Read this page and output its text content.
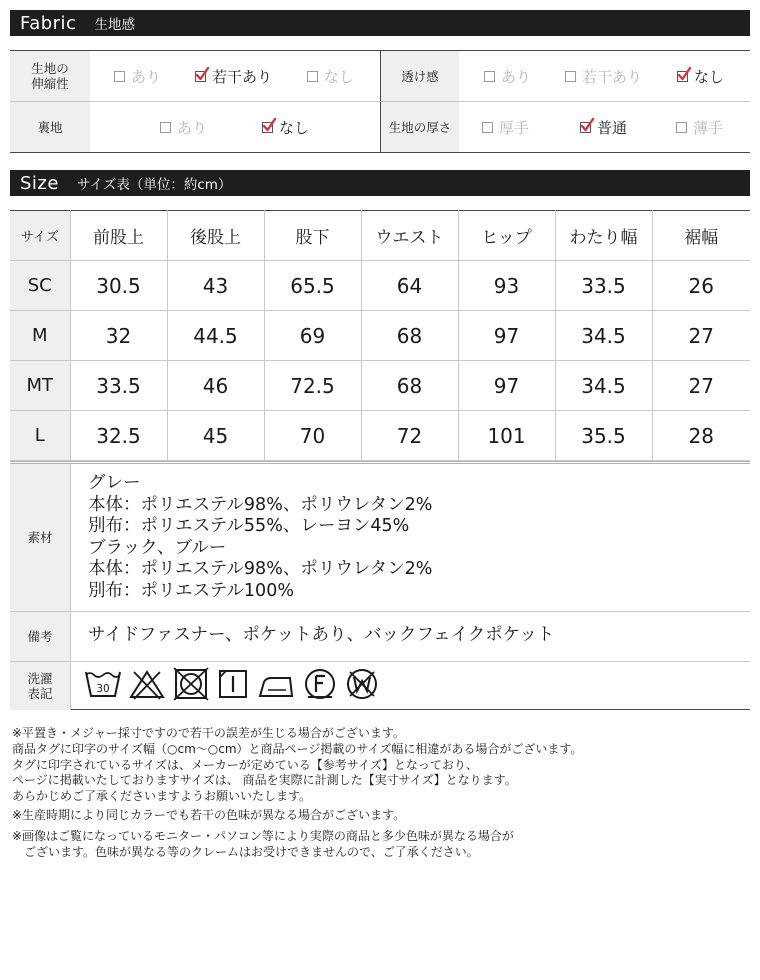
Fabric 生地感
生地の
伸縮性	あり	若干あり	なし	透け感	あり	若干あり	なし
裏地	あり	なし	生地の厚さ	厚手	普通	薄手
Size サイズ表（単位：約cm）
サイズ	前股上	後股上	股下	ウエスト	ヒップ	わたり幅	裾幅
SC	30.5	43	65.5	64	93	33.5	26
M	32	44.5	69	68	97	34.5	27
MT	33.5	46	72.5	68	97	34.5	27
L	32.5	45	70	72	101	35.5	28
素材
グレー
本体：ポリエステル98%、ポリウレタン2%
別布：ポリエステル55%、レーヨン45%
ブラック、ブルー
本体：ポリエステル98%、ポリウレタン2%
別布：ポリエステル100%
備考	サイドファスナー、ポケットあり、バックフェイクポケット
洗濯
表記	30
※平置き・メジャー採寸ですので若干の誤差が生じる場合がございます。
商品タグに印字のサイズ幅（○cm～○cm）と商品ページ掲載のサイズ幅に相違がある場合がございます。
タグに印字されているサイズは、メーカーが定めている【参考サイズ】となっており、
ページに掲載いたしておりますサイズは、 商品を実際に計測した【実寸サイズ】となります。
あらかじめご了承くださいますようお願いいたします。
※生産時期により同じカラーでも若干の色味が異なる場合がございます。
※画像はご覧になっているモニター・パソコン等により実際の商品と多少色味が異なる場合が
　ございます。色味が異なる等のクレームはお受けできませんので、ご了承ください。
